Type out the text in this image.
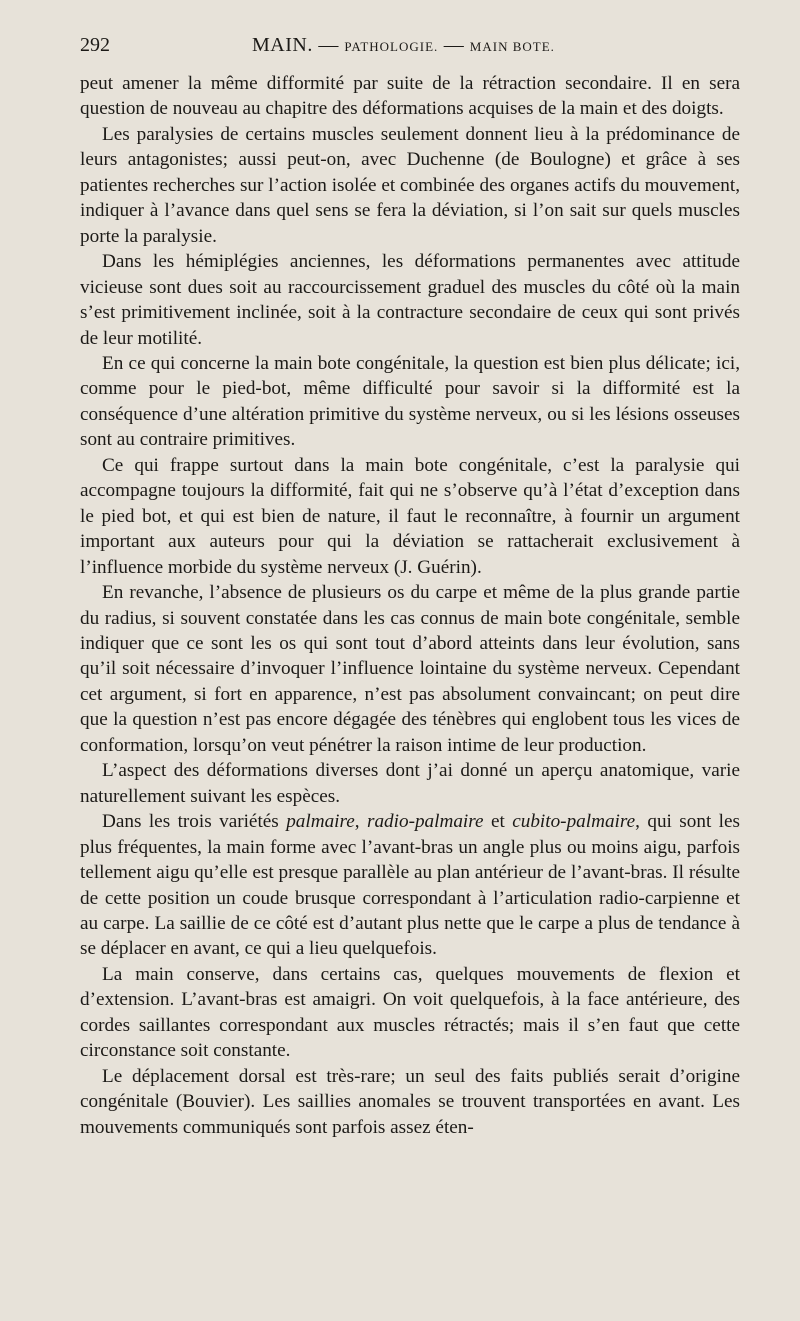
292	MAIN. — PATHOLOGIE. — MAIN BOTE.

peut amener la même difformité par suite de la rétraction secondaire. Il en sera question de nouveau au chapitre des déformations acquises de la main et des doigts.

Les paralysies de certains muscles seulement donnent lieu à la prédominance de leurs antagonistes; aussi peut-on, avec Duchenne (de Boulogne) et grâce à ses patientes recherches sur l’action isolée et combinée des organes actifs du mouvement, indiquer à l’avance dans quel sens se fera la déviation, si l’on sait sur quels muscles porte la paralysie.

Dans les hémiplégies anciennes, les déformations permanentes avec attitude vicieuse sont dues soit au raccourcissement graduel des muscles du côté où la main s’est primitivement inclinée, soit à la contracture secondaire de ceux qui sont privés de leur motilité.

En ce qui concerne la main bote congénitale, la question est bien plus délicate; ici, comme pour le pied-bot, même difficulté pour savoir si la difformité est la conséquence d’une altération primitive du système nerveux, ou si les lésions osseuses sont au contraire primitives.

Ce qui frappe surtout dans la main bote congénitale, c’est la paralysie qui accompagne toujours la difformité, fait qui ne s’observe qu’à l’état d’exception dans le pied bot, et qui est bien de nature, il faut le reconnaître, à fournir un argument important aux auteurs pour qui la déviation se rattacherait exclusivement à l’influence morbide du système nerveux (J. Guérin).

En revanche, l’absence de plusieurs os du carpe et même de la plus grande partie du radius, si souvent constatée dans les cas connus de main bote congénitale, semble indiquer que ce sont les os qui sont tout d’abord atteints dans leur évolution, sans qu’il soit nécessaire d’invoquer l’influence lointaine du système nerveux. Cependant cet argument, si fort en apparence, n’est pas absolument convaincant; on peut dire que la question n’est pas encore dégagée des ténèbres qui englobent tous les vices de conformation, lorsqu’on veut pénétrer la raison intime de leur production.

L’aspect des déformations diverses dont j’ai donné un aperçu anatomique, varie naturellement suivant les espèces.

Dans les trois variétés palmaire, radio-palmaire et cubito-palmaire, qui sont les plus fréquentes, la main forme avec l’avant-bras un angle plus ou moins aigu, parfois tellement aigu qu’elle est presque parallèle au plan antérieur de l’avant-bras. Il résulte de cette position un coude brusque correspondant à l’articulation radio-carpienne et au carpe. La saillie de ce côté est d’autant plus nette que le carpe a plus de tendance à se déplacer en avant, ce qui a lieu quelquefois.

La main conserve, dans certains cas, quelques mouvements de flexion et d’extension. L’avant-bras est amaigri. On voit quelquefois, à la face antérieure, des cordes saillantes correspondant aux muscles rétractés; mais il s’en faut que cette circonstance soit constante.

Le déplacement dorsal est très-rare; un seul des faits publiés serait d’origine congénitale (Bouvier). Les saillies anomales se trouvent transportées en avant. Les mouvements communiqués sont parfois assez éten-
